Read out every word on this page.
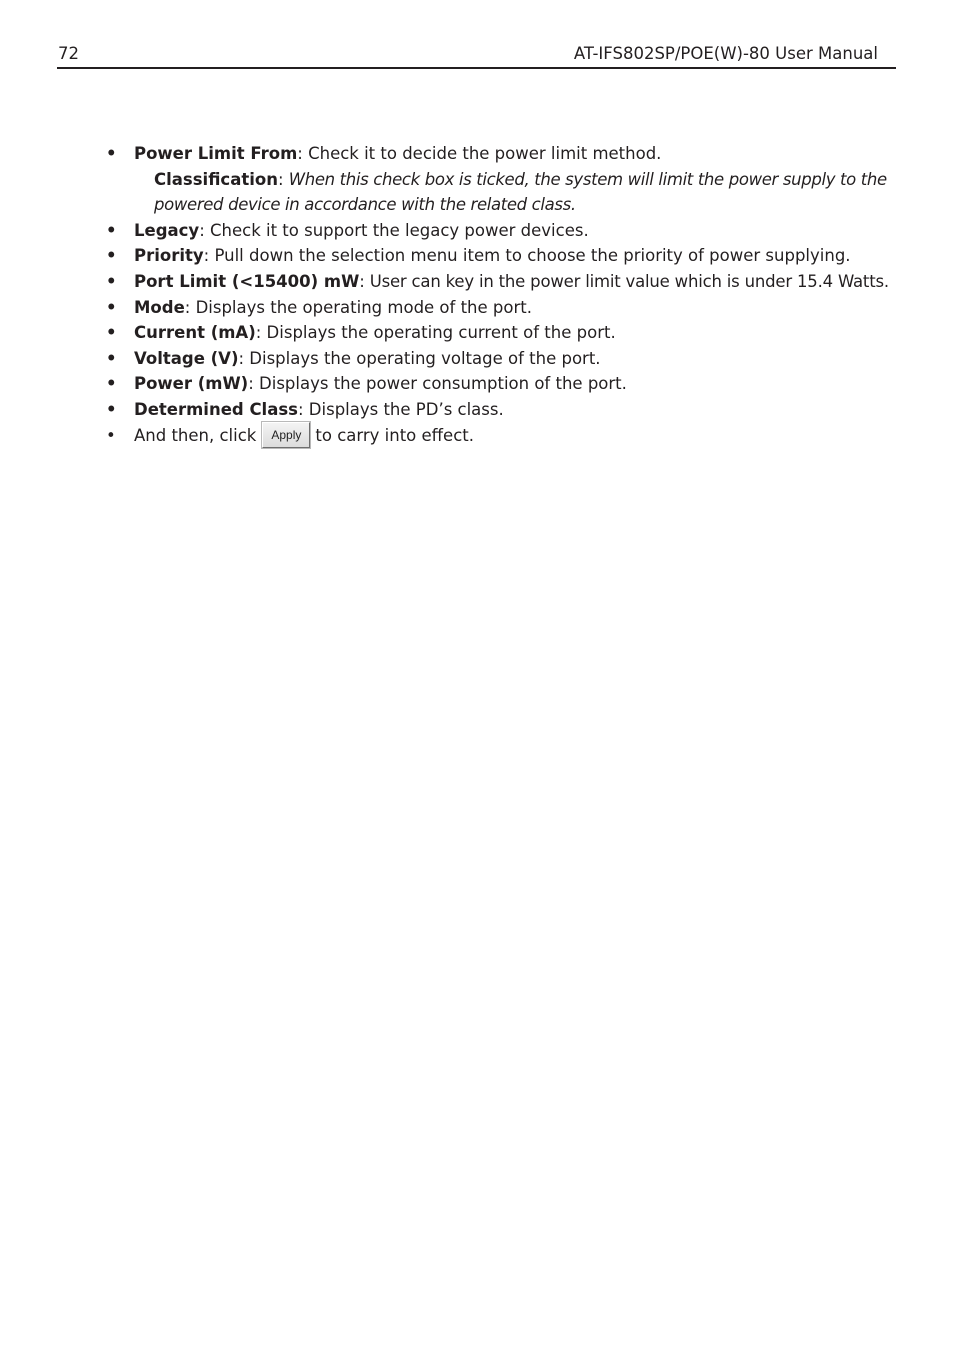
72	AT-IFS802SP/POE(W)-80 User Manual
• Power Limit From: Check it to decide the power limit method.
Classification: When this check box is ticked, the system will limit the power supply to the powered device in accordance with the related class.
• Legacy: Check it to support the legacy power devices.
• Priority: Pull down the selection menu item to choose the priority of power supplying.
• Port Limit (<15400) mW: User can key in the power limit value which is under 15.4 Watts.
• Mode: Displays the operating mode of the port.
• Current (mA): Displays the operating current of the port.
• Voltage (V): Displays the operating voltage of the port.
• Power (mW): Displays the power consumption of the port.
• Determined Class: Displays the PD’s class.
• And then, click Apply to carry into effect.
